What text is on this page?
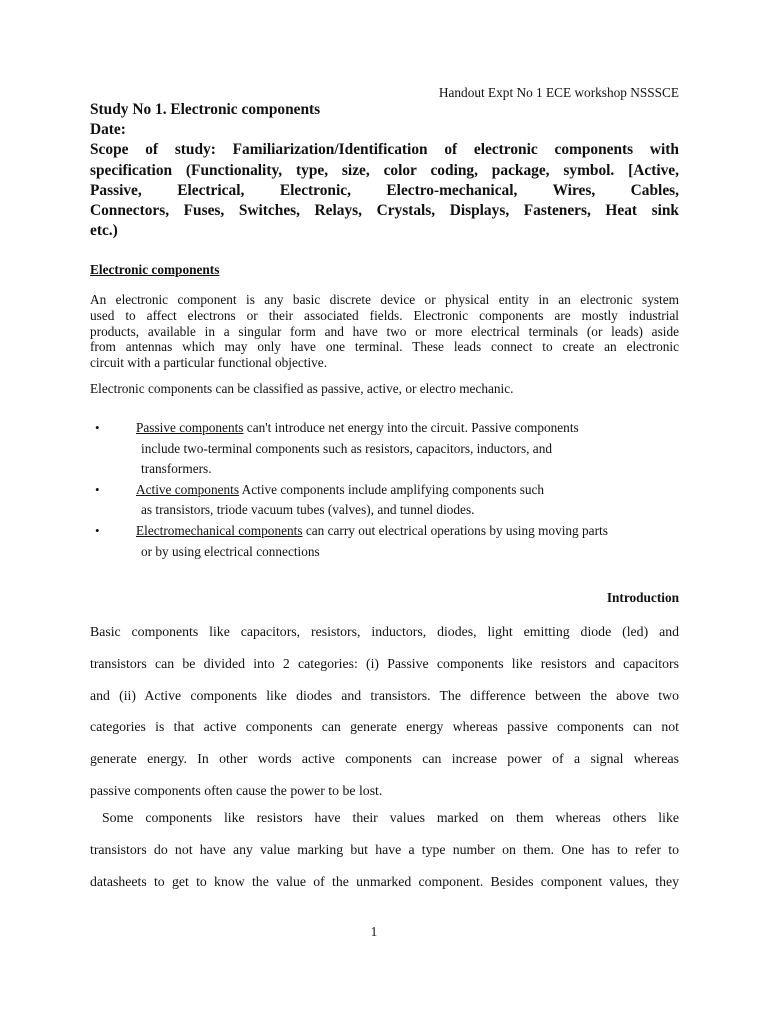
Handout Expt No 1 ECE workshop NSSSCE
Study No 1. Electronic components
Date:
Scope of study: Familiarization/Identification of electronic components with
specification (Functionality, type, size, color coding, package, symbol. [Active,
Passive, Electrical, Electronic, Electro-mechanical, Wires, Cables,
Connectors, Fuses, Switches, Relays, Crystals, Displays, Fasteners, Heat sink
etc.)
Electronic components
An electronic component is any basic discrete device or physical entity in an electronic system
used to affect electrons or their associated fields. Electronic components are mostly industrial
products, available in a singular form and have two or more electrical terminals (or leads) aside
from antennas which may only have one terminal. These leads connect to create an electronic
circuit with a particular functional objective.
Electronic components can be classified as passive, active, or electro mechanic.
•	Passive components can't introduce net energy into the circuit. Passive components
include two-terminal components such as resistors, capacitors, inductors, and
transformers.
•	Active components Active components include amplifying components such
as transistors, triode vacuum tubes (valves), and tunnel diodes.
•	Electromechanical components can carry out electrical operations by using moving parts
or by using electrical connections
Introduction
Basic components like capacitors, resistors, inductors, diodes, light emitting diode (led) and
transistors can be divided into 2 categories: (i) Passive components like resistors and capacitors
and (ii) Active components like diodes and transistors. The difference between the above two
categories is that active components can generate energy whereas passive components can not
generate energy. In other words active components can increase power of a signal whereas
passive components often cause the power to be lost.
Some components like resistors have their values marked on them whereas others like
transistors do not have any value marking but have a type number on them. One has to refer to
datasheets to get to know the value of the unmarked component. Besides component values, they
1
